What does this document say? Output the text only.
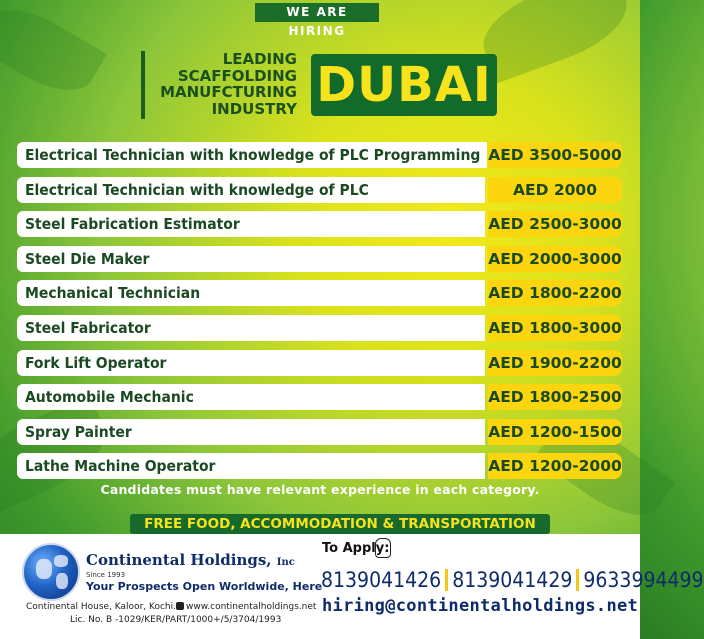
WE ARE HIRING
LEADING
SCAFFOLDING
MANUFCTURING
INDUSTRY DUBAI
Electrical Technician with knowledge of PLC Programming AED 3500-5000
Electrical Technician with knowledge of PLC	AED 2000
Steel Fabrication Estimator	AED 2500-3000
Steel Die Maker	AED 2000-3000
Mechanical Technician	AED 1800-2200
Steel Fabricator	AED 1800-3000
Fork Lift Operator	AED 1900-2200
Automobile Mechanic	AED 1800-2500
Spray Painter	AED 1200-1500
Lathe Machine Operator	AED 1200-2000
Candidates must have relevant experience in each category.
FREE FOOD, ACCOMMODATION & TRANSPORTATION
Continental Holdings, Inc
Since 1993
Your Prospects Open Worldwide, Here
Continental House, Kaloor, Kochi.	www.continentalholdings.net
Lic. No. B -1029/KER/PART/1000+/5/3704/1993
To Apply:
8139041426 8139041429 9633994499
hiring@continentalholdings.net
